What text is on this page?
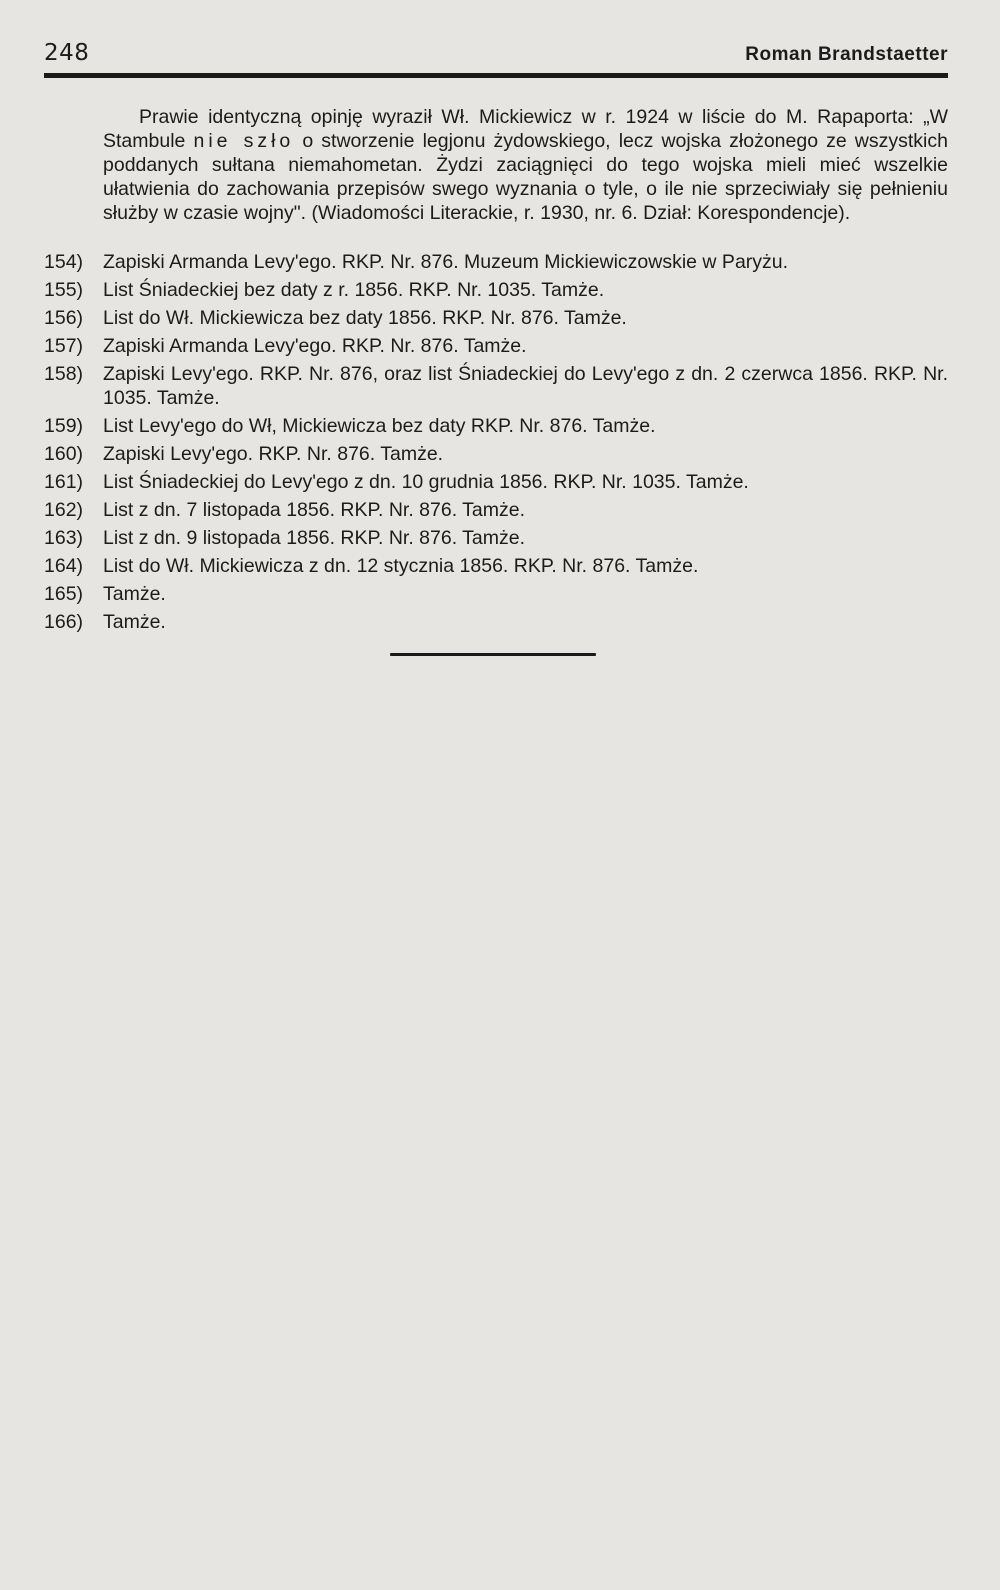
248	Roman Brandstaetter

Prawie identyczną opinję wyraził Wł. Mickiewicz w r. 1924 w liście do M. Rapaporta: „W Stambule nie szło o stworzenie legjonu żydowskiego, lecz wojska złożonego ze wszystkich poddanych sułtana niemahometan. Żydzi zaciągnięci do tego wojska mieli mieć wszelkie ułatwienia do zachowania przepisów swego wyznania o tyle, o ile nie sprzeciwiały się pełnieniu służby w czasie wojny". (Wiadomości Literackie, r. 1930, nr. 6. Dział: Korespondencje).

154)	Zapiski Armanda Levy'ego. RKP. Nr. 876. Muzeum Mickiewiczowskie w Paryżu.
155)	List Śniadeckiej bez daty z r. 1856. RKP. Nr. 1035. Tamże.
156)	List do Wł. Mickiewicza bez daty 1856. RKP. Nr. 876. Tamże.
157)	Zapiski Armanda Levy'ego. RKP. Nr. 876. Tamże.
158)	Zapiski Levy'ego. RKP. Nr. 876, oraz list Śniadeckiej do Levy'ego z dn. 2 czerwca 1856. RKP. Nr. 1035. Tamże.
159)	List Levy'ego do Wł, Mickiewicza bez daty RKP. Nr. 876. Tamże.
160)	Zapiski Levy'ego. RKP. Nr. 876. Tamże.
161)	List Śniadeckiej do Levy'ego z dn. 10 grudnia 1856. RKP. Nr. 1035. Tamże.
162)	List z dn. 7 listopada 1856. RKP. Nr. 876. Tamże.
163)	List z dn. 9 listopada 1856. RKP. Nr. 876. Tamże.
164)	List do Wł. Mickiewicza z dn. 12 stycznia 1856. RKP. Nr. 876. Tamże.
165)	Tamże.
166)	Tamże.
